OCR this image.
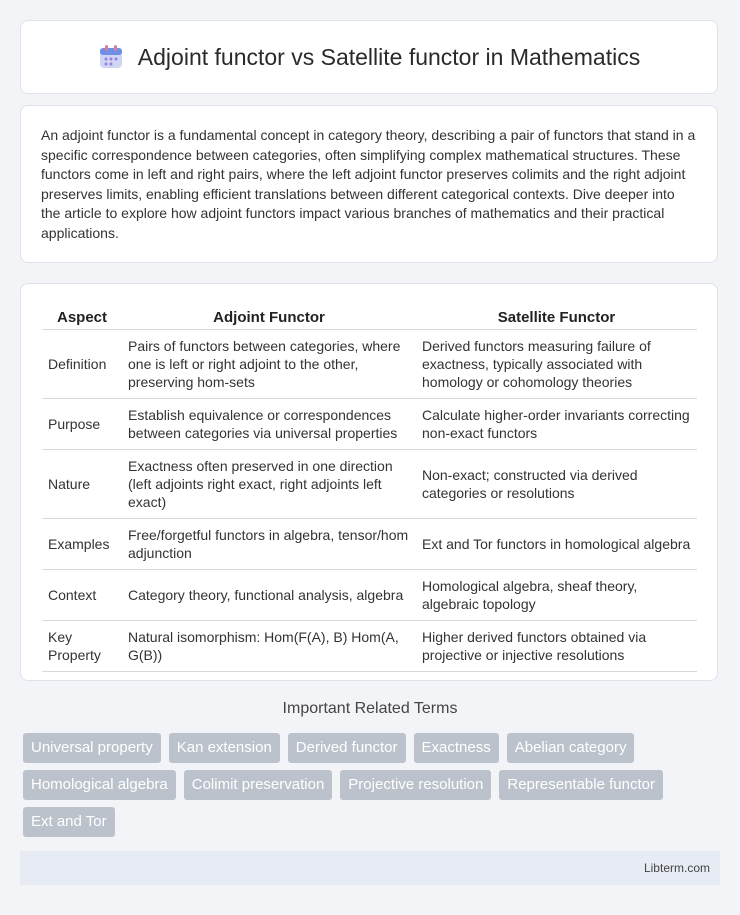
Adjoint functor vs Satellite functor in Mathematics

An adjoint functor is a fundamental concept in category theory, describing a pair of functors that stand in a specific correspondence between categories, often simplifying complex mathematical structures. These functors come in left and right pairs, where the left adjoint functor preserves colimits and the right adjoint preserves limits, enabling efficient translations between different categorical contexts. Dive deeper into the article to explore how adjoint functors impact various branches of mathematics and their practical applications.

Aspect	Adjoint Functor	Satellite Functor
Definition	Pairs of functors between categories, where one is left or right adjoint to the other, preserving hom-sets	Derived functors measuring failure of exactness, typically associated with homology or cohomology theories
Purpose	Establish equivalence or correspondences between categories via universal properties	Calculate higher-order invariants correcting non-exact functors
Nature	Exactness often preserved in one direction (left adjoints right exact, right adjoints left exact)	Non-exact; constructed via derived categories or resolutions
Examples	Free/forgetful functors in algebra, tensor/hom adjunction	Ext and Tor functors in homological algebra
Context	Category theory, functional analysis, algebra	Homological algebra, sheaf theory, algebraic topology
Key Property	Natural isomorphism: Hom(F(A), B) Hom(A, G(B))	Higher derived functors obtained via projective or injective resolutions
Important Related Terms
Universal property	Kan extension	Derived functor	Exactness	Abelian category
Homological algebra	Colimit preservation	Projective resolution	Representable functor
Ext and Tor
Libterm.com
